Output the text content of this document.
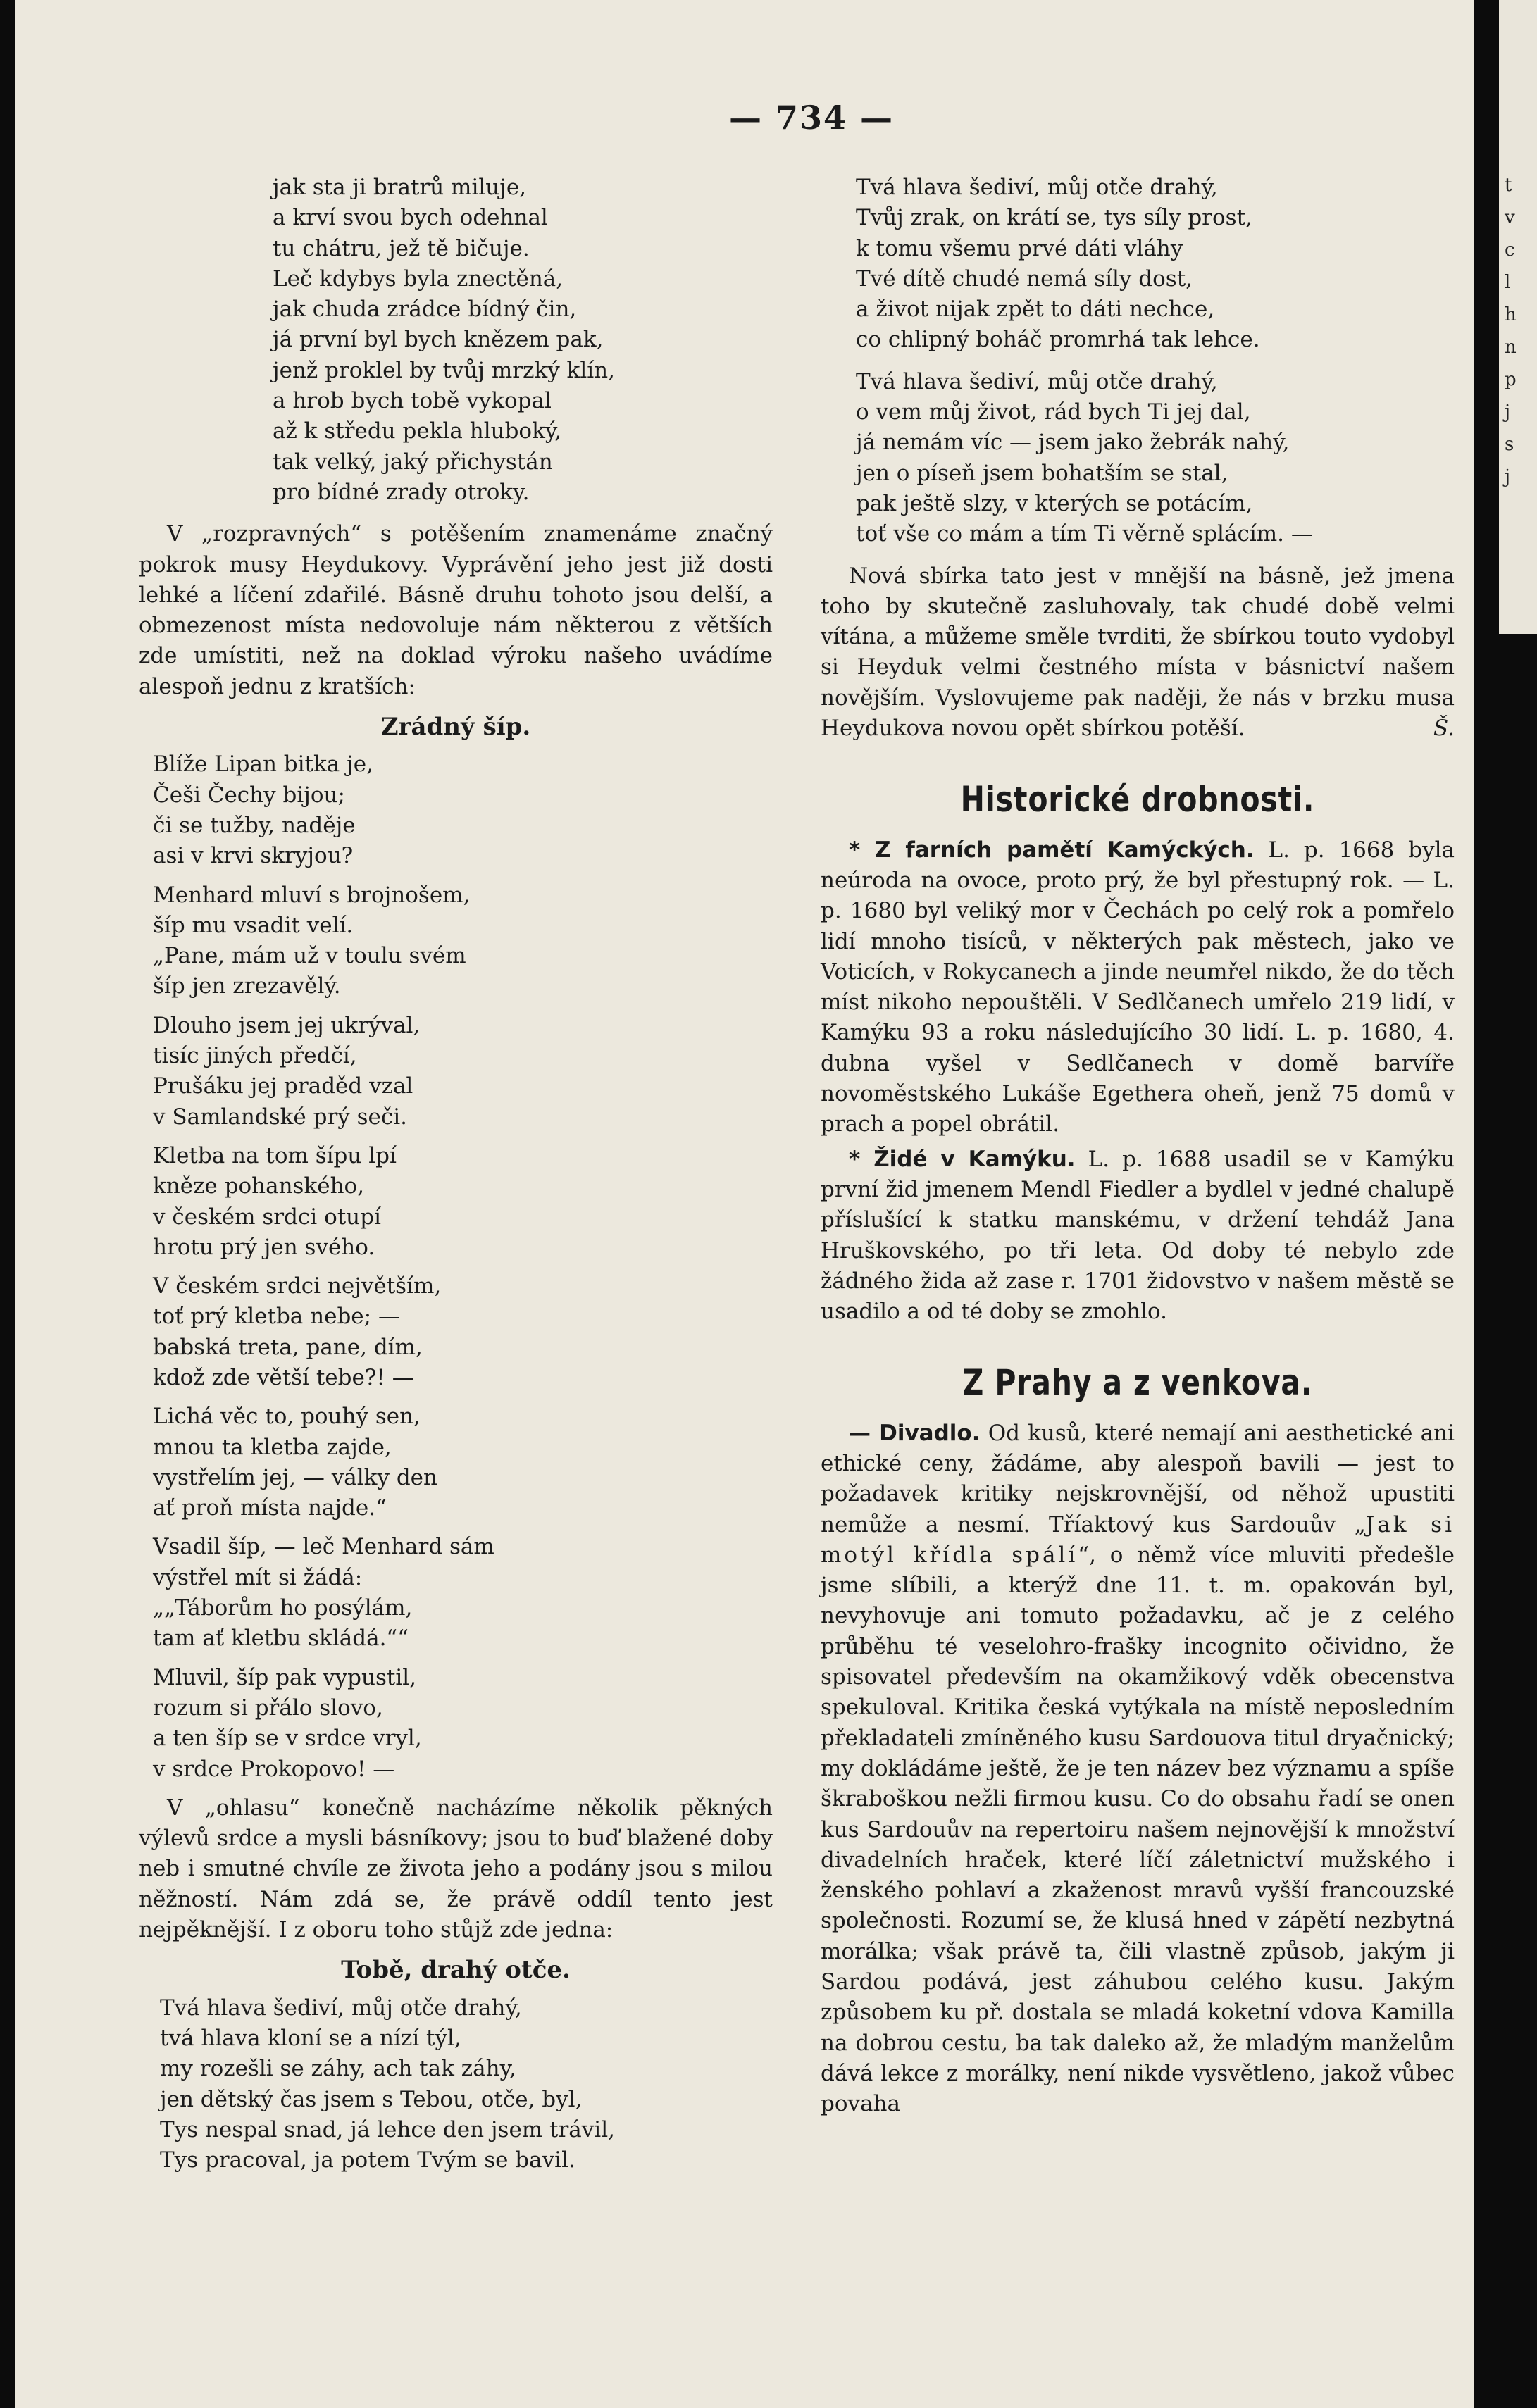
— 734 —
jak sta ji bratrů miluje,
a krví svou bych odehnal
tu chátru, jež tě bičuje.
Leč kdybys byla znectěná,
jak chuda zrádce bídný čin,
já první byl bych knězem pak,
jenž proklel by tvůj mrzký klín,
a hrob bych tobě vykopal
až k středu pekla hluboký,
tak velký, jaký přichystán
pro bídné zrady otroky.

V „rozpravných“ s potěšením znamenáme značný pokrok musy Heydukovy. Vyprávění jeho jest již dosti lehké a líčení zdařilé. Básně druhu tohoto jsou delší, a obmezenost místa nedovoluje nám některou z větších zde umístiti, než na doklad výroku našeho uvádíme alespoň jednu z kratších:

Zrádný šíp.
Blíže Lipan bitka je,
Češi Čechy bijou;
či se tužby, naděje
asi v krvi skryjou?
Menhard mluví s brojnošem,
šíp mu vsadit velí.
„Pane, mám už v toulu svém
šíp jen zrezavělý.
Dlouho jsem jej ukrýval,
tisíc jiných předčí,
Prušáku jej praděd vzal
v Samlandské prý seči.
Kletba na tom šípu lpí
kněze pohanského,
v českém srdci otupí
hrotu prý jen svého.
V českém srdci největším,
toť prý kletba nebe; —
babská treta, pane, dím,
kdož zde větší tebe?! —
Lichá věc to, pouhý sen,
mnou ta kletba zajde,
vystřelím jej, — války den
ať proň místa najde.“
Vsadil šíp, — leč Menhard sám
výstřel mít si žádá:
„„Táborům ho posýlám,
tam ať kletbu skládá.““
Mluvil, šíp pak vypustil,
rozum si přálo slovo,
a ten šíp se v srdce vryl,
v srdce Prokopovo! —

V „ohlasu“ konečně nacházíme několik pěkných výlevů srdce a mysli básníkovy; jsou to buď blažené doby neb i smutné chvíle ze života jeho a podány jsou s milou něžností. Nám zdá se, že právě oddíl tento jest nejpěknější. I z oboru toho stůjž zde jedna:

Tobě, drahý otče.
Tvá hlava šediví, můj otče drahý,
tvá hlava kloní se a nízí týl,
my rozešli se záhy, ach tak záhy,
jen dětský čas jsem s Tebou, otče, byl,
Tys nespal snad, já lehce den jsem trávil,
Tys pracoval, ja potem Tvým se bavil.
Tvá hlava šediví, můj otče drahý,
Tvůj zrak, on krátí se, tys síly prost,
k tomu všemu prvé dáti vláhy
Tvé dítě chudé nemá síly dost,
a život nijak zpět to dáti nechce,
co chlipný boháč promrhá tak lehce.
Tvá hlava šediví, můj otče drahý,
o vem můj život, rád bych Ti jej dal,
já nemám víc — jsem jako žebrák nahý,
jen o píseň jsem bohatším se stal,
pak ještě slzy, v kterých se potácím,
toť vše co mám a tím Ti věrně splácím. —

Nová sbírka tato jest v mnější na básně, jež jmena toho by skutečně zasluhovaly, tak chudé době velmi vítána, a můžeme směle tvrditi, že sbírkou touto vydobyl si Heyduk velmi čestného místa v básnictví našem novějším. Vyslovujeme pak naději, že nás v brzku musa Heydukova novou opět sbírkou potěší.	Š.

Historické drobnosti.

* Z farních pamětí Kamýckých. L. p. 1668 byla neúroda na ovoce, proto prý, že byl přestupný rok. — L. p. 1680 byl veliký mor v Čechách po celý rok a pomřelo lidí mnoho tisíců, v některých pak městech, jako ve Voticích, v Rokycanech a jinde neumřel nikdo, že do těch míst nikoho nepouštěli. V Sedlčanech umřelo 219 lidí, v Kamýku 93 a roku následujícího 30 lidí. L. p. 1680, 4. dubna vyšel v Sedlčanech v domě barvíře novoměstského Lukáše Egethera oheň, jenž 75 domů v prach a popel obrátil.

* Židé v Kamýku. L. p. 1688 usadil se v Kamýku první žid jmenem Mendl Fiedler a bydlel v jedné chalupě příslušící k statku manskému, v držení tehdáž Jana Hruškovského, po tři leta. Od doby té nebylo zde žádného žida až zase r. 1701 židovstvo v našem městě se usadilo a od té doby se zmohlo.

Z Prahy a z venkova.

— Divadlo. Od kusů, které nemají ani aesthetické ani ethické ceny, žádáme, aby alespoň bavili — jest to požadavek kritiky nejskrovnější, od něhož upustiti nemůže a nesmí. Tříaktový kus Sardouův „Jak si motýl křídla spálí“, o němž více mluviti předešle jsme slíbili, a kterýž dne 11. t. m. opakován byl, nevyhovuje ani tomuto požadavku, ač je z celého průběhu té veselohro-frašky incognito očividno, že spisovatel především na okamžikový vděk obecenstva spekuloval. Kritika česká vytýkala na místě neposledním překladateli zmíněného kusu Sardouova titul dryačnický; my dokládáme ještě, že je ten název bez významu a spíše škraboškou nežli firmou kusu. Co do obsahu řadí se onen kus Sardouův na repertoiru našem nejnovější k množství divadelních hraček, které líčí záletnictví mužského i ženského pohlaví a zkaženost mravů vyšší francouzské společnosti. Rozumí se, že klusá hned v zápětí nezbytná morálka; však právě ta, čili vlastně způsob, jakým ji Sardou podává, jest záhubou celého kusu. Jakým způsobem ku př. dostala se mladá koketní vdova Kamilla na dobrou cestu, ba tak daleko až, že mladým manželům dává lekce z morálky, není nikde vysvětleno, jakož vůbec povaha

t
v
c
l
h
n
p
j
s
j
